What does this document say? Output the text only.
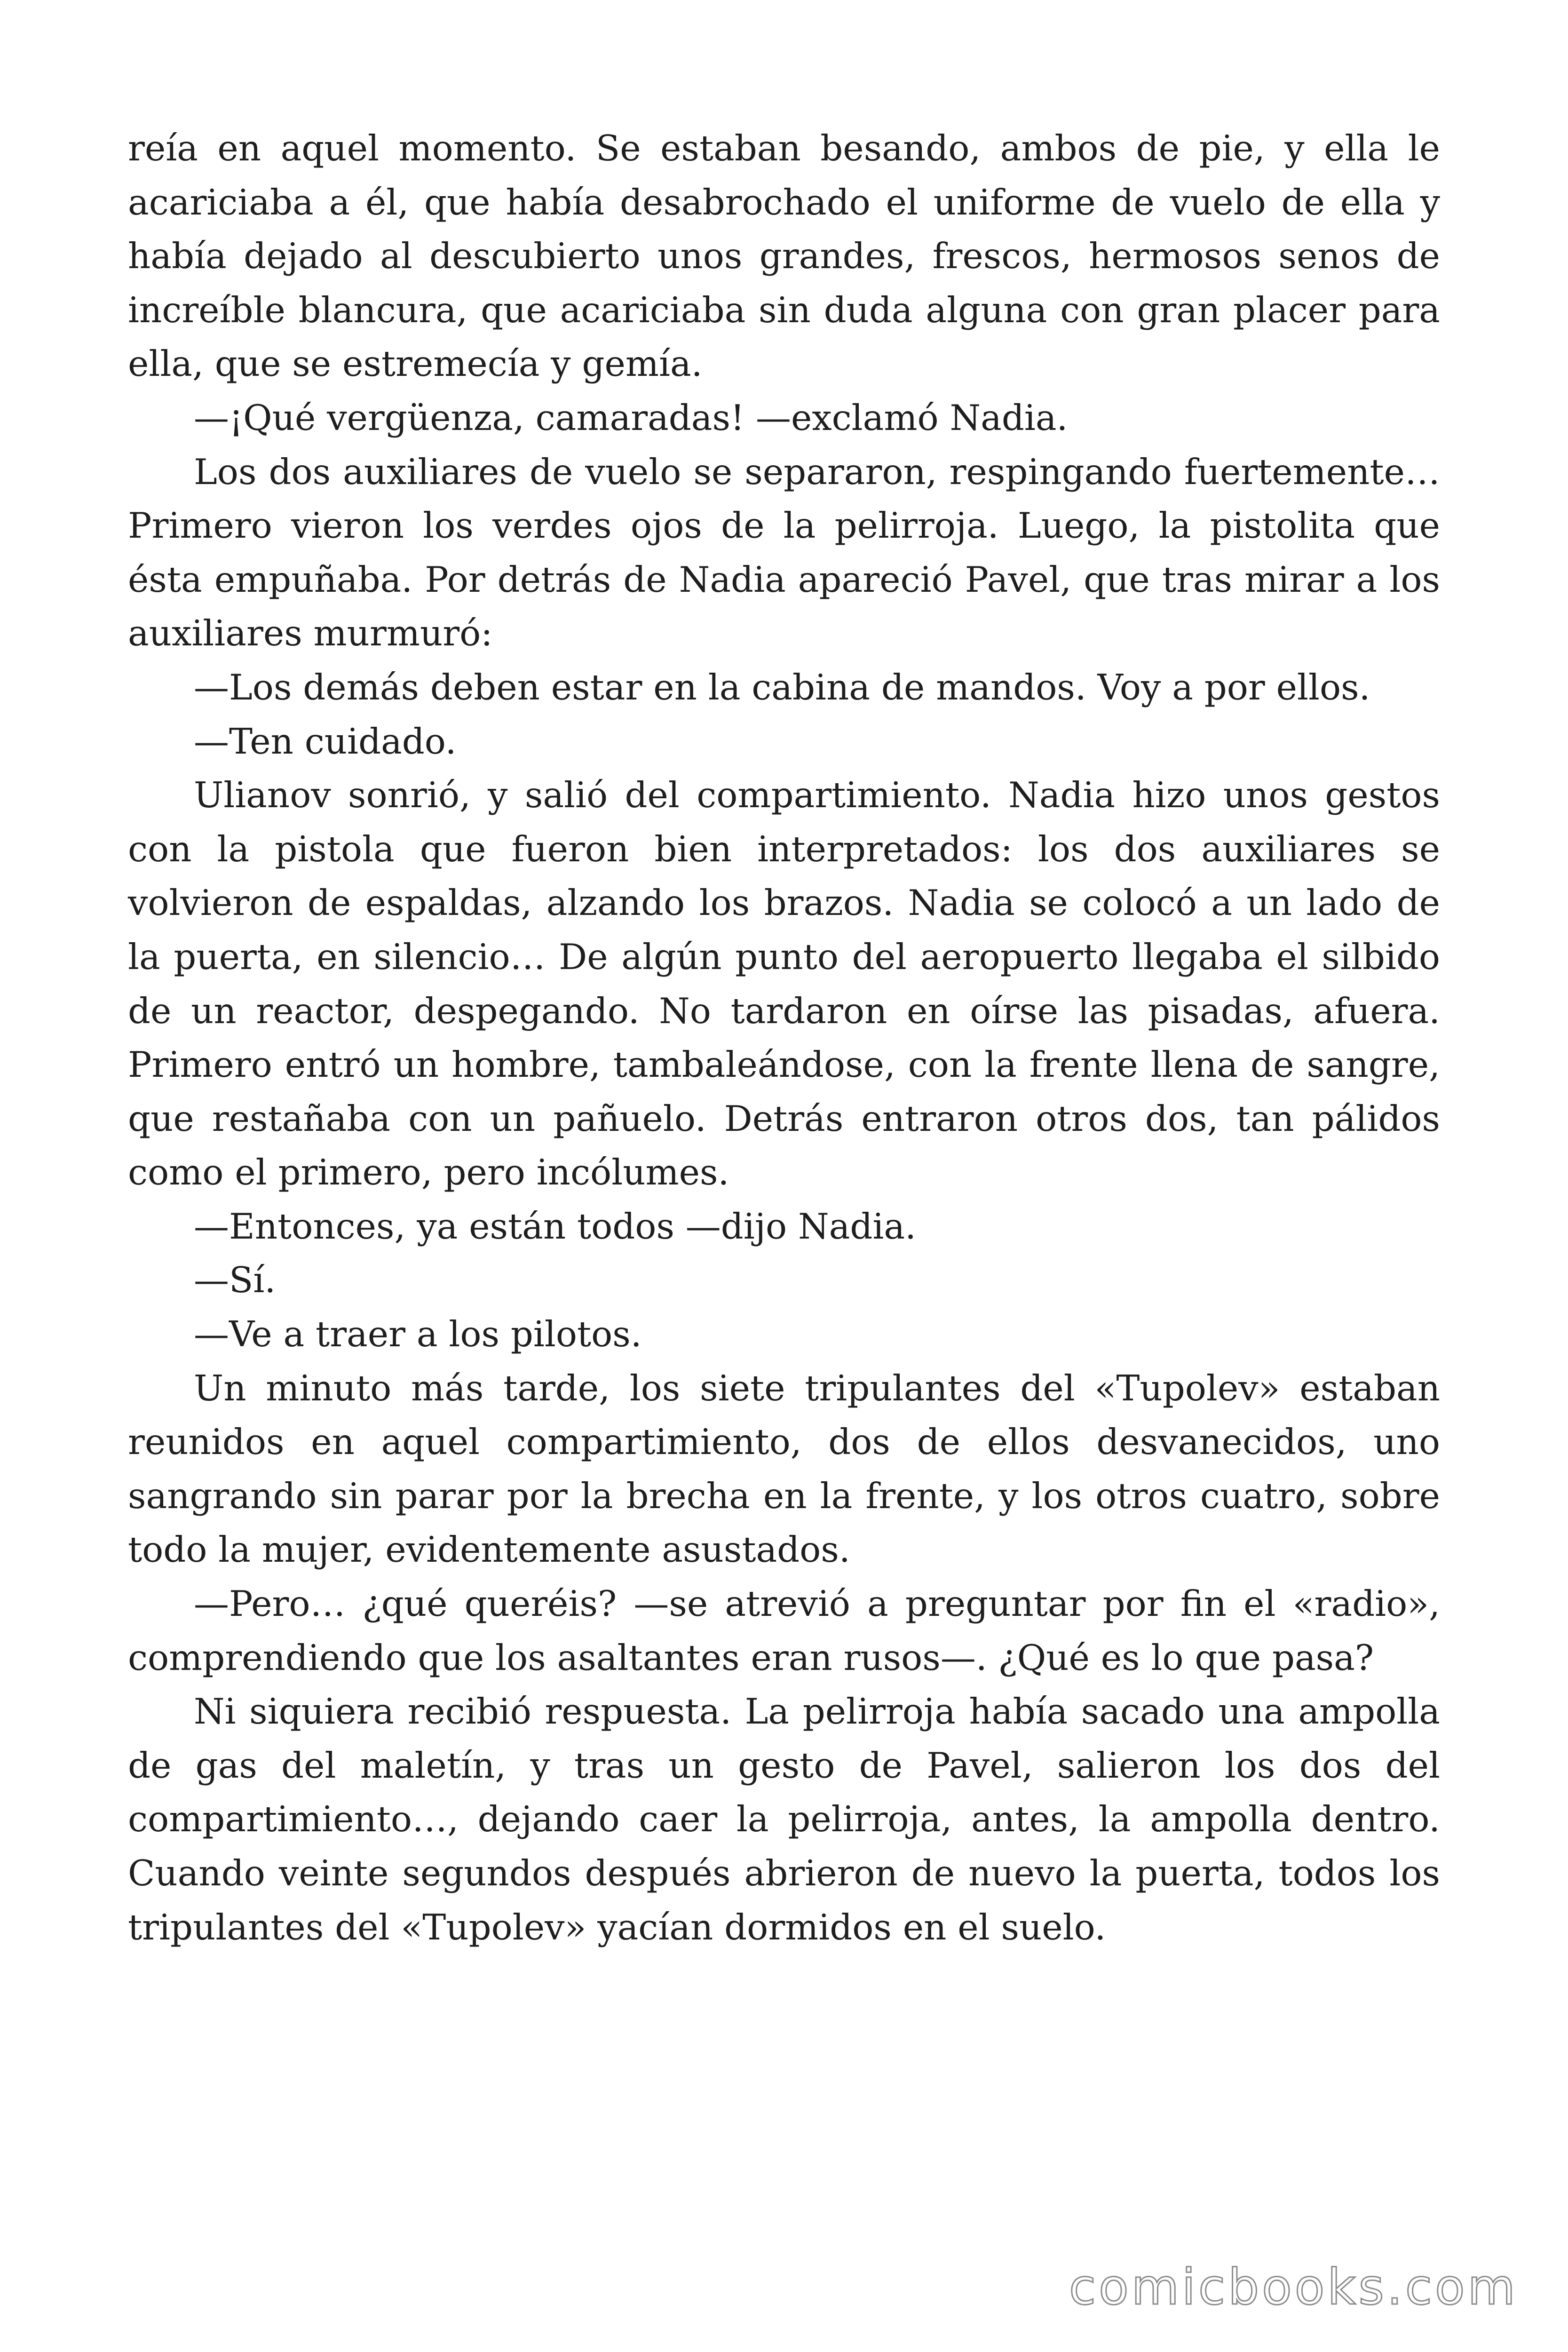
reía en aquel momento. Se estaban besando, ambos de pie, y ella le acariciaba a él, que había desabrochado el uniforme de vuelo de ella y había dejado al descubierto unos grandes, frescos, hermosos senos de increíble blancura, que acariciaba sin duda alguna con gran placer para ella, que se estremecía y gemía.

—¡Qué vergüenza, camaradas! —exclamó Nadia.

Los dos auxiliares de vuelo se separaron, respingando fuertemente… Primero vieron los verdes ojos de la pelirroja. Luego, la pistolita que ésta empuñaba. Por detrás de Nadia apareció Pavel, que tras mirar a los auxiliares murmuró:

—Los demás deben estar en la cabina de mandos. Voy a por ellos.

—Ten cuidado.

Ulianov sonrió, y salió del compartimiento. Nadia hizo unos gestos con la pistola que fueron bien interpretados: los dos auxiliares se volvieron de espaldas, alzando los brazos. Nadia se colocó a un lado de la puerta, en silencio… De algún punto del aeropuerto llegaba el silbido de un reactor, despegando. No tardaron en oírse las pisadas, afuera. Primero entró un hombre, tambaleándose, con la frente llena de sangre, que restañaba con un pañuelo. Detrás entraron otros dos, tan pálidos como el primero, pero incólumes.

—Entonces, ya están todos —dijo Nadia.

—Sí.

—Ve a traer a los pilotos.

Un minuto más tarde, los siete tripulantes del «Tupolev» estaban reunidos en aquel compartimiento, dos de ellos desvanecidos, uno sangrando sin parar por la brecha en la frente, y los otros cuatro, sobre todo la mujer, evidentemente asustados.

—Pero… ¿qué queréis? —se atrevió a preguntar por fin el «radio», comprendiendo que los asaltantes eran rusos—. ¿Qué es lo que pasa?

Ni siquiera recibió respuesta. La pelirroja había sacado una ampolla de gas del maletín, y tras un gesto de Pavel, salieron los dos del compartimiento…, dejando caer la pelirroja, antes, la ampolla dentro. Cuando veinte segundos después abrieron de nuevo la puerta, todos los tripulantes del «Tupolev» yacían dormidos en el suelo.

comicbooks.com
